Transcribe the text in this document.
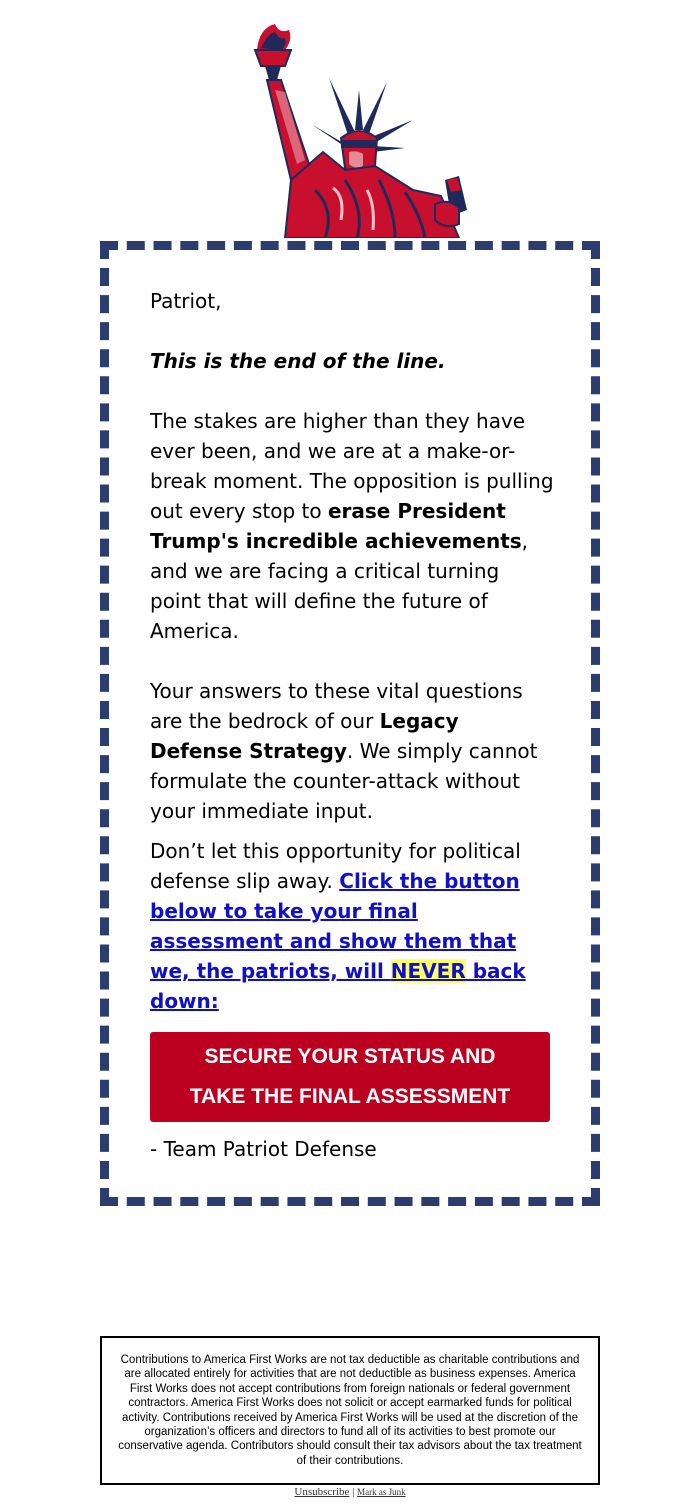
Patriot,

This is the end of the line.

The stakes are higher than they have ever been, and we are at a make-or-break moment. The opposition is pulling out every stop to erase President Trump's incredible achievements, and we are facing a critical turning point that will define the future of America.

Your answers to these vital questions are the bedrock of our Legacy Defense Strategy. We simply cannot formulate the counter-attack without your immediate input.

Don’t let this opportunity for political defense slip away. Click the button below to take your final assessment and show them that we, the patriots, will NEVER back down:

SECURE YOUR STATUS AND
TAKE THE FINAL ASSESSMENT

- Team Patriot Defense

Contributions to America First Works are not tax deductible as charitable contributions and are allocated entirely for activities that are not deductible as business expenses. America First Works does not accept contributions from foreign nationals or federal government contractors. America First Works does not solicit or accept earmarked funds for political activity. Contributions received by America First Works will be used at the discretion of the organization’s officers and directors to fund all of its activities to best promote our conservative agenda. Contributors should consult their tax advisors about the tax treatment of their contributions.
Unsubscribe | Mark as Junk
